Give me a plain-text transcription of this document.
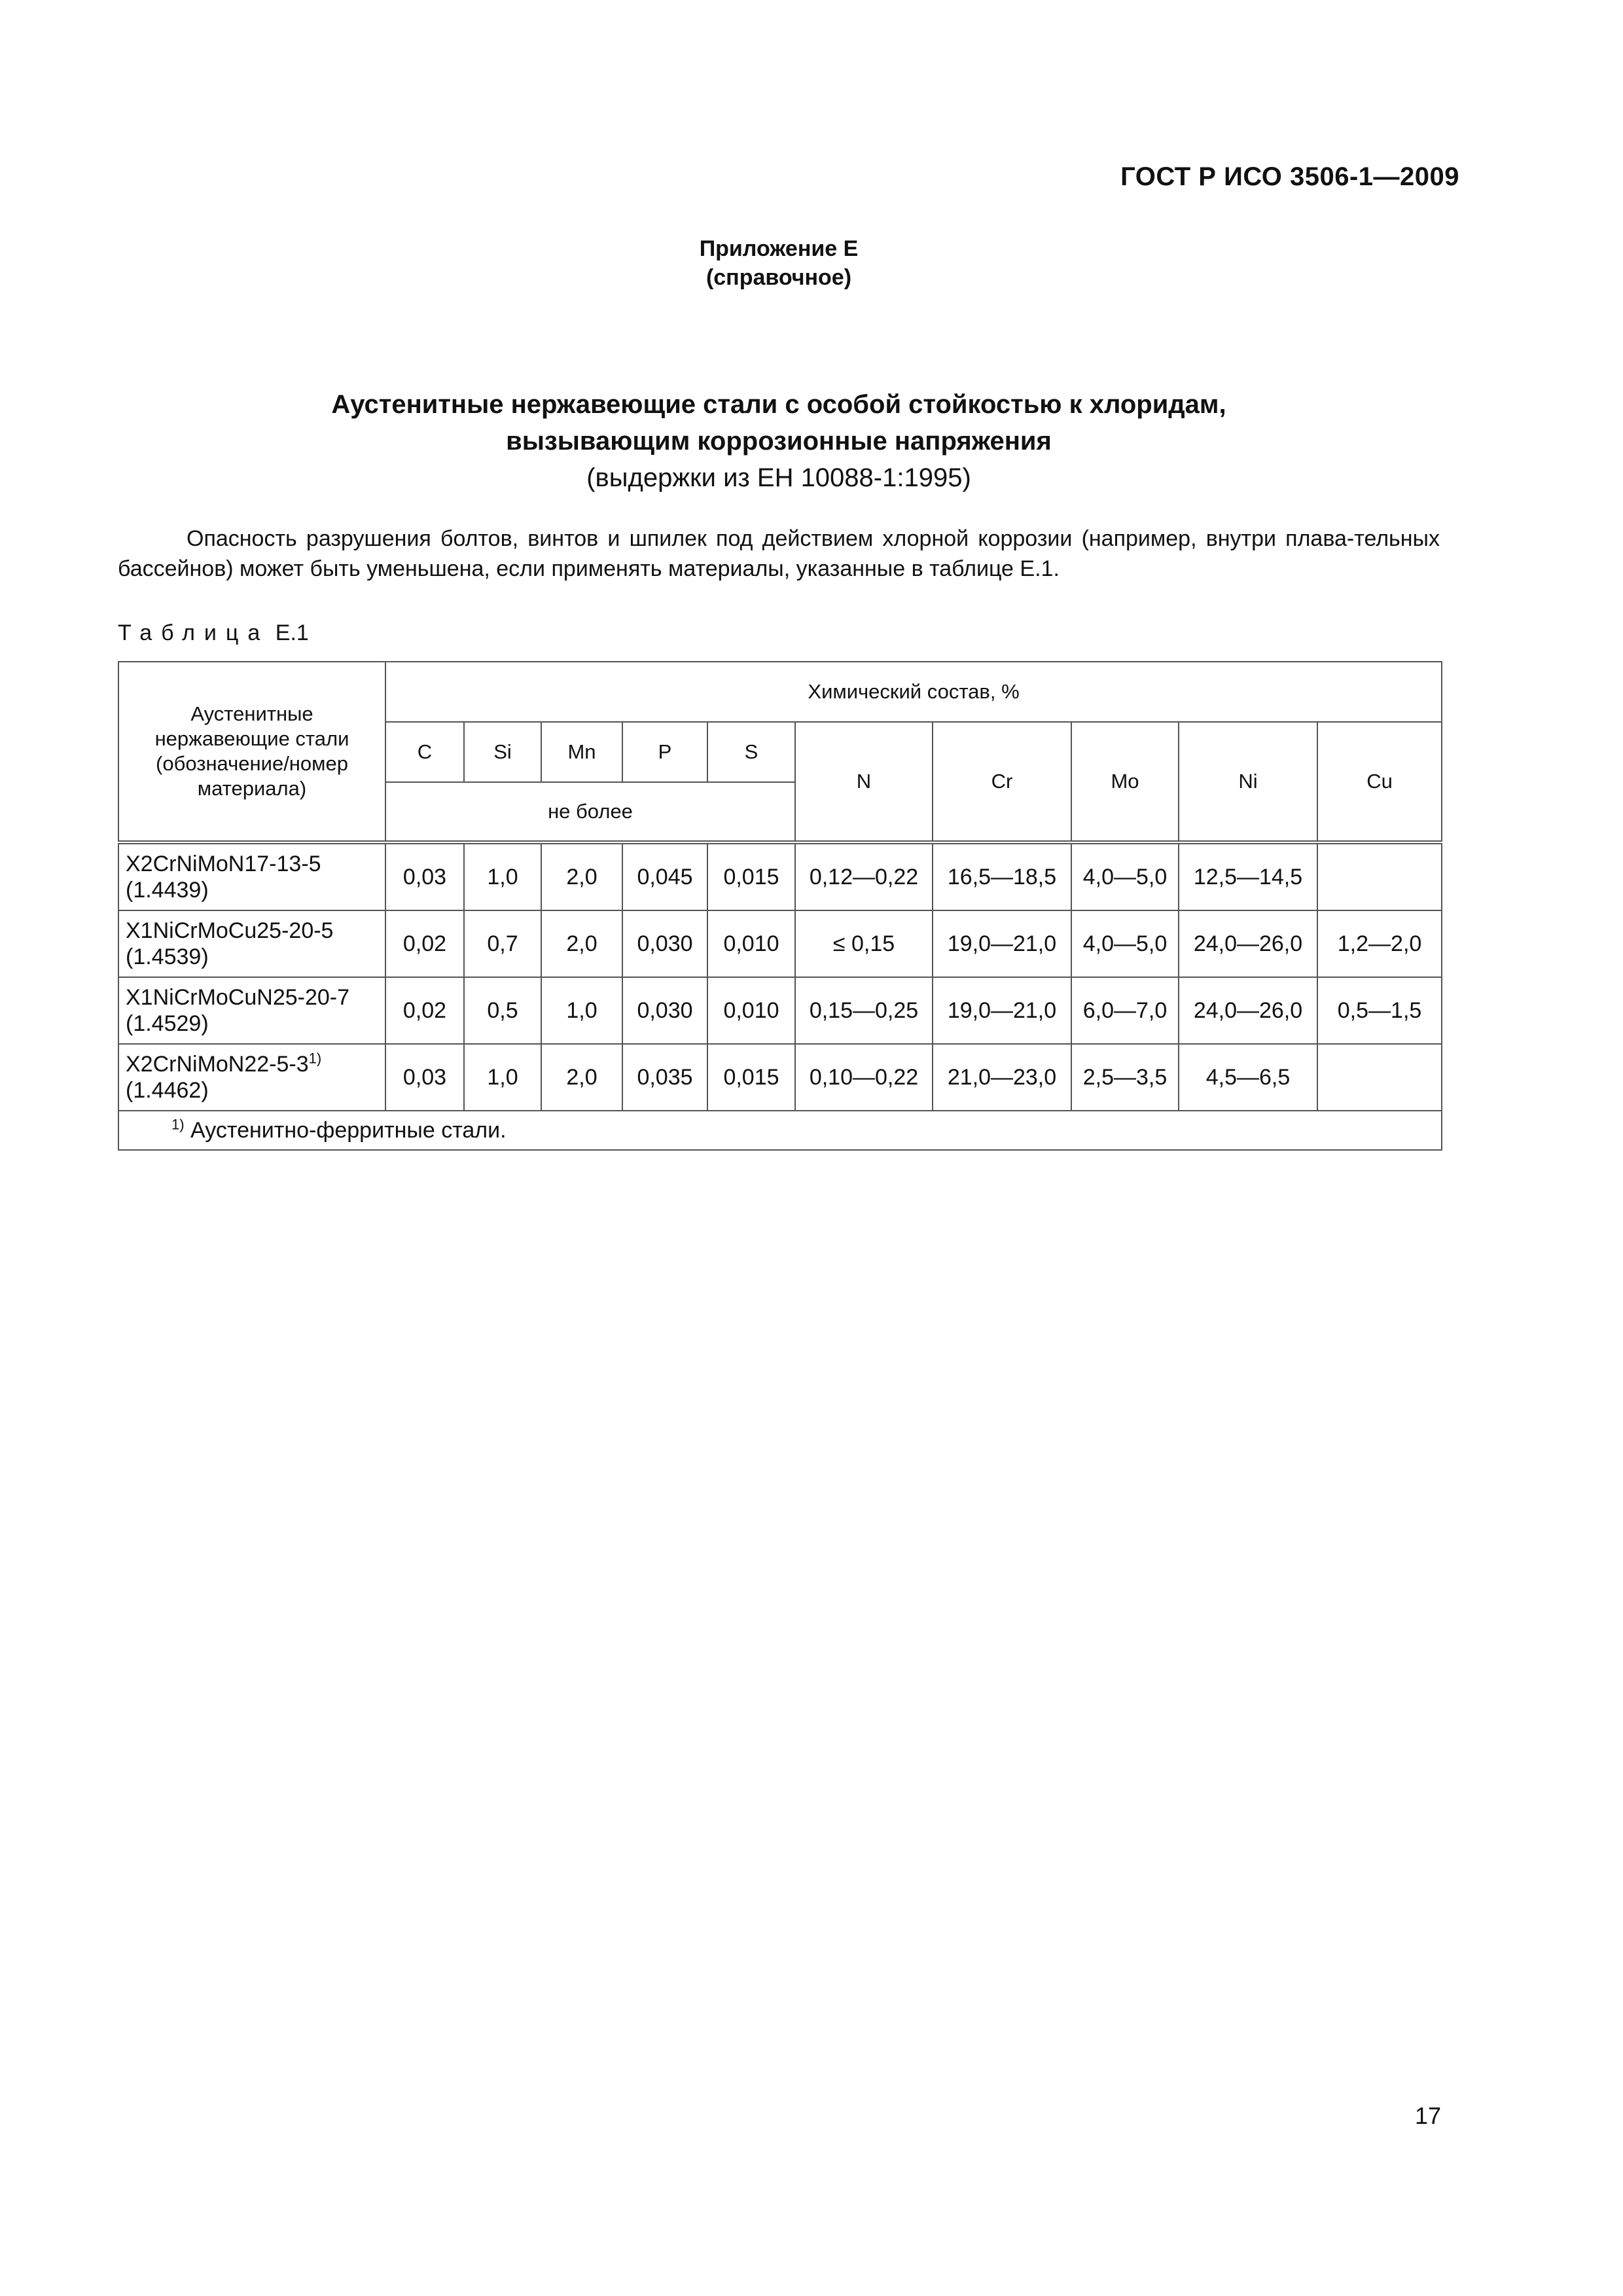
ГОСТ Р ИСО 3506-1—2009
Приложение Е
(справочное)
Аустенитные нержавеющие стали с особой стойкостью к хлоридам,
вызывающим коррозионные напряжения
(выдержки из ЕН 10088-1:1995)
Опасность разрушения болтов, винтов и шпилек под действием хлорной коррозии (например, внутри плава-тельных бассейнов) может быть уменьшена, если применять материалы, указанные в таблице Е.1.
Таблица Е.1
Аустенитные нержавеющие стали (обозначение/номер материала)	Химический состав, %									
	C	Si	Mn	P	S	N	Cr	Mo	Ni	Cu
	не более									
X2CrNiMoN17-13-5
(1.4439)	0,03	1,0	2,0	0,045	0,015	0,12—0,22	16,5—18,5	4,0—5,0	12,5—14,5	
X1NiCrMoCu25-20-5
(1.4539)	0,02	0,7	2,0	0,030	0,010	≤ 0,15	19,0—21,0	4,0—5,0	24,0—26,0	1,2—2,0
X1NiCrMoCuN25-20-7
(1.4529)	0,02	0,5	1,0	0,030	0,010	0,15—0,25	19,0—21,0	6,0—7,0	24,0—26,0	0,5—1,5
X2CrNiMoN22-5-3$^{1)}$
(1.4462)	0,03	1,0	2,0	0,035	0,015	0,10—0,22	21,0—23,0	2,5—3,5	4,5—6,5	
$^{1)}$ Аустенитно-ферритные стали.										
17
